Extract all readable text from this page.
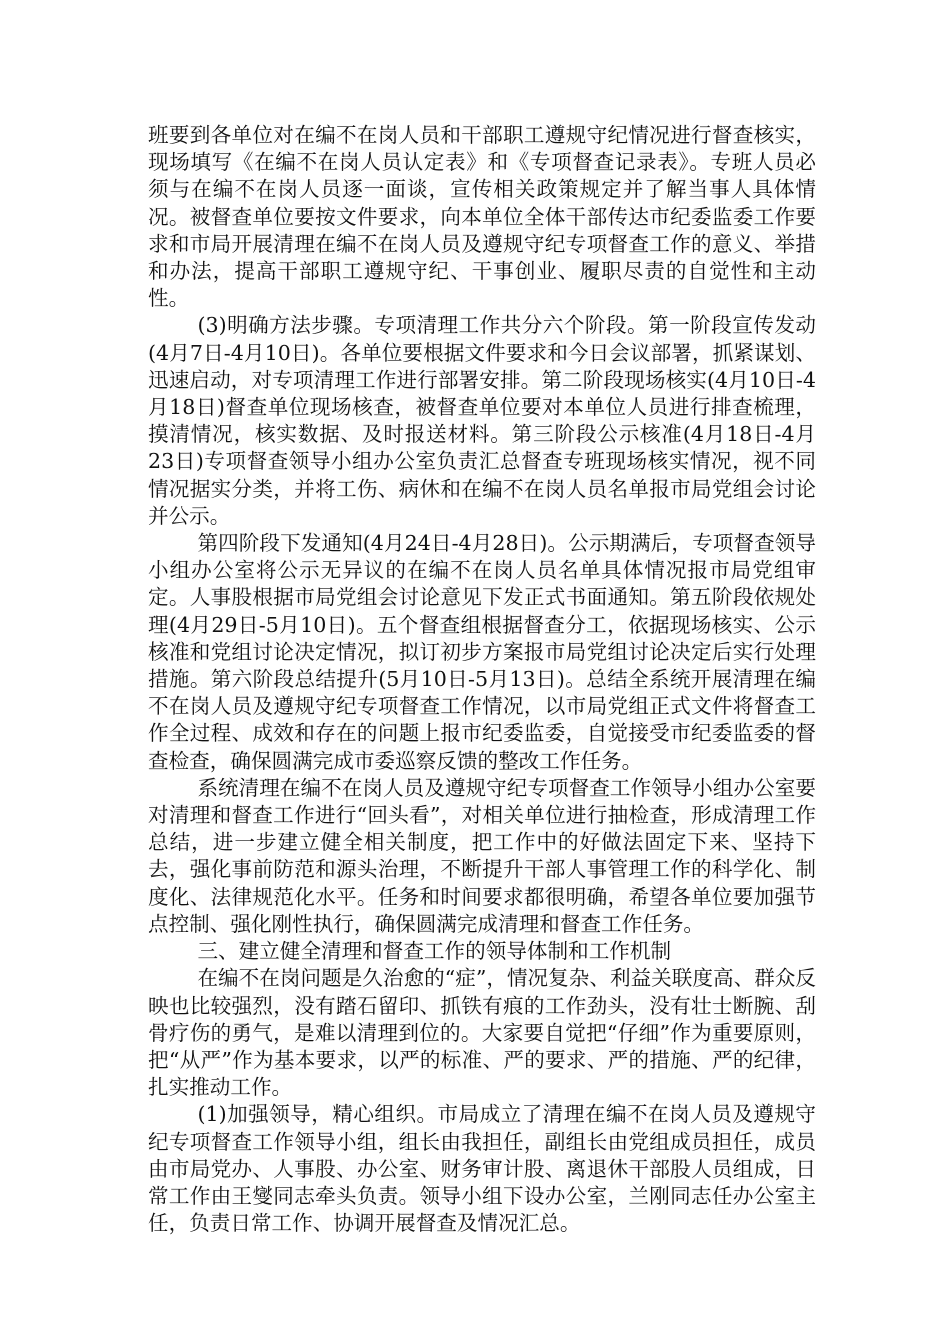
班要到各单位对在编不在岗人员和干部职工遵规守纪情况进行督查核实，现场填写《在编不在岗人员认定表》和《专项督查记录表》。专班人员必须与在编不在岗人员逐一面谈，宣传相关政策规定并了解当事人具体情况。被督查单位要按文件要求，向本单位全体干部传达市纪委监委工作要求和市局开展清理在编不在岗人员及遵规守纪专项督查工作的意义、举措和办法，提高干部职工遵规守纪、干事创业、履职尽责的自觉性和主动性。

(3)明确方法步骤。专项清理工作共分六个阶段。第一阶段宣传发动(4月7日-4月10日)。各单位要根据文件要求和今日会议部署，抓紧谋划、迅速启动，对专项清理工作进行部署安排。第二阶段现场核实(4月10日-4月18日)督查单位现场核查，被督查单位要对本单位人员进行排查梳理，摸清情况，核实数据、及时报送材料。第三阶段公示核准(4月18日-4月23日)专项督查领导小组办公室负责汇总督查专班现场核实情况，视不同情况据实分类，并将工伤、病休和在编不在岗人员名单报市局党组会讨论并公示。

第四阶段下发通知(4月24日-4月28日)。公示期满后，专项督查领导小组办公室将公示无异议的在编不在岗人员名单具体情况报市局党组审定。人事股根据市局党组会讨论意见下发正式书面通知。第五阶段依规处理(4月29日-5月10日)。五个督查组根据督查分工，依据现场核实、公示核准和党组讨论决定情况，拟订初步方案报市局党组讨论决定后实行处理措施。第六阶段总结提升(5月10日-5月13日)。总结全系统开展清理在编不在岗人员及遵规守纪专项督查工作情况，以市局党组正式文件将督查工作全过程、成效和存在的问题上报市纪委监委，自觉接受市纪委监委的督查检查，确保圆满完成市委巡察反馈的整改工作任务。

系统清理在编不在岗人员及遵规守纪专项督查工作领导小组办公室要对清理和督查工作进行“回头看”，对相关单位进行抽检查，形成清理工作总结，进一步建立健全相关制度，把工作中的好做法固定下来、坚持下去，强化事前防范和源头治理，不断提升干部人事管理工作的科学化、制度化、法律规范化水平。任务和时间要求都很明确，希望各单位要加强节点控制、强化刚性执行，确保圆满完成清理和督查工作任务。

三、建立健全清理和督查工作的领导体制和工作机制

在编不在岗问题是久治愈的“症”，情况复杂、利益关联度高、群众反映也比较强烈，没有踏石留印、抓铁有痕的工作劲头，没有壮士断腕、刮骨疗伤的勇气，是难以清理到位的。大家要自觉把“仔细”作为重要原则，把“从严”作为基本要求，以严的标准、严的要求、严的措施、严的纪律，扎实推动工作。

(1)加强领导，精心组织。市局成立了清理在编不在岗人员及遵规守纪专项督查工作领导小组，组长由我担任，副组长由党组成员担任，成员由市局党办、人事股、办公室、财务审计股、离退休干部股人员组成，日常工作由王燮同志牵头负责。领导小组下设办公室，兰刚同志任办公室主任，负责日常工作、协调开展督查及情况汇总。
